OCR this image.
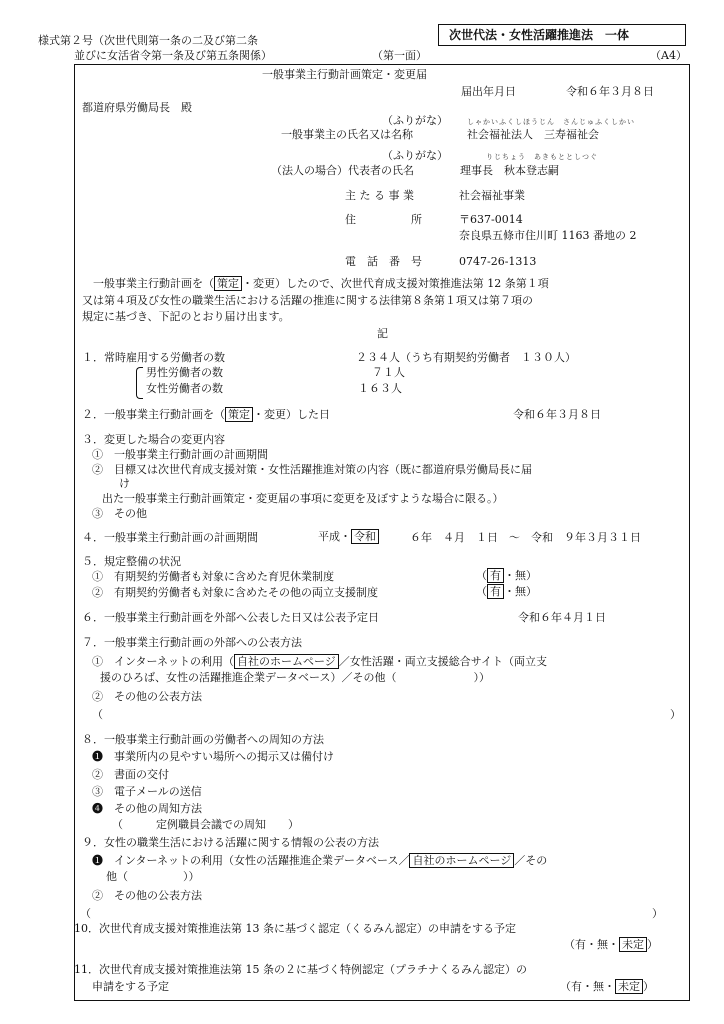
様式第２号（次世代則第一条の二及び第二条
並びに女活省令第一条及び第五条関係）	（第一面）
次世代法・女性活躍推進法　一体
（A4）
一般事業主行動計画策定・変更届
届出年月日	令和６年３月８日
都道府県労働局長　殿
（ふりがな）	しゃかいふくしほうじん　さんじゅふくしかい
一般事業主の氏名又は名称	社会福祉法人　三寿福祉会
（ふりがな）	りじちょう　あきもととしつぐ
（法人の場合）代表者の氏名	理事長　秋本登志嗣
主 た る 事 業	社会福祉事業
住　　　　　所	〒637-0014
奈良県五條市住川町 1163 番地の 2
電　話　番　号	0747-26-1313
　一般事業主行動計画を（ 策定 ・変更）したので、次世代育成支援対策推進法第 12 条第１項
又は第４項及び女性の職業生活における活躍の推進に関する法律第８条第１項又は第７項の
規定に基づき、下記のとおり届け出ます。
記
１．常時雇用する労働者の数	２３４人（うち有期契約労働者　１３０人）
男性労働者の数	７１人
女性労働者の数	１６３人
２．一般事業主行動計画を（ 策定 ・変更）した日	令和６年３月８日
３．変更した場合の変更内容
①　一般事業主行動計画の計画期間
②　目標又は次世代育成支援対策・女性活躍推進対策の内容（既に都道府県労働局長に届
け
出た一般事業主行動計画策定・変更届の事項に変更を及ぼすような場合に限る。）
③　その他
４．一般事業主行動計画の計画期間	平成・ 令和	６年　４月　１日　～　令和　９年３月３１日
５．規定整備の状況
①　有期契約労働者も対象に含めた育児休業制度	（ 有 ・無）
②　有期契約労働者も対象に含めたその他の両立支援制度	（ 有 ・無）
６．一般事業主行動計画を外部へ公表した日又は公表予定日	令和６年４月１日
７．一般事業主行動計画の外部への公表方法
①　インターネットの利用（ 自社のホームページ ／女性活躍・両立支援総合サイト（両立支
援のひろば、女性の活躍推進企業データベース）／その他（　　　　　　　））
②　その他の公表方法
（	）
８．一般事業主行動計画の労働者への周知の方法
❶　事業所内の見やすい場所への掲示又は備付け
②　書面の交付
③　電子メールの送信
❹　その他の周知方法
（　　　定例職員会議での周知　　）
９．女性の職業生活における活躍に関する情報の公表の方法
❶　インターネットの利用（女性の活躍推進企業データベース／ 自社のホームページ ／その
他（　　　　　））
②　その他の公表方法
（	）
10．次世代育成支援対策推進法第 13 条に基づく認定（くるみん認定）の申請をする予定
（有・無・ 未定 ）
11．次世代育成支援対策推進法第 15 条の２に基づく特例認定（プラチナくるみん認定）の
申請をする予定	（有・無・ 未定 ）
